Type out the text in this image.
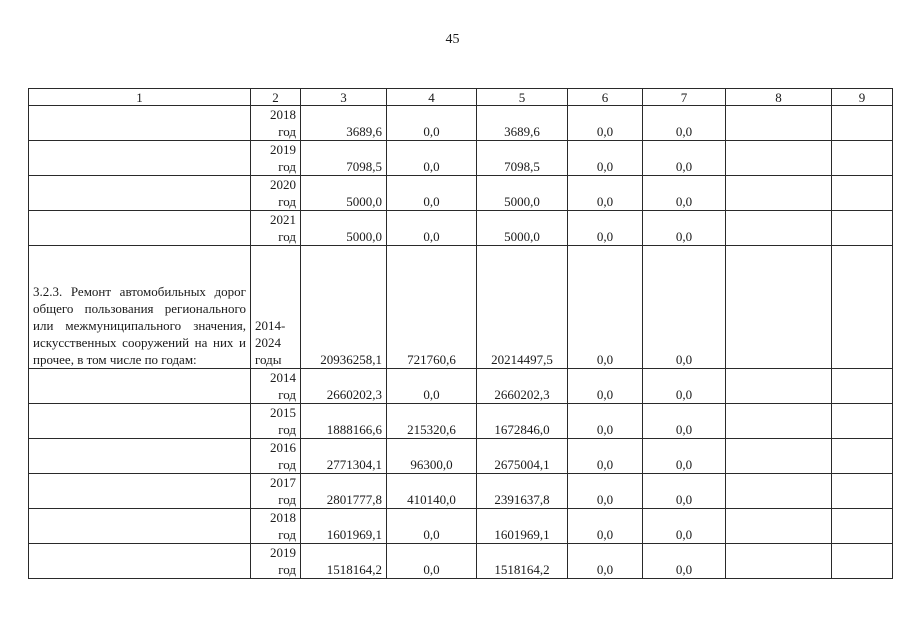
45
1	2	3	4	5	6	7	8	9

	2018
год	3689,6	0,0	3689,6	0,0	0,0		

	2019
год	7098,5	0,0	7098,5	0,0	0,0		

	2020
год	5000,0	0,0	5000,0	0,0	0,0		

	2021
год	5000,0	0,0	5000,0	0,0	0,0		
3.2.3. Ремонт автомобильных дорог общего пользования регионального или межмуниципального значения, искусственных сооружений на них и прочее, в том числе по годам:	2014-
2024
годы	20936258,1	721760,6	20214497,5	0,0	0,0		

	2014
год	2660202,3	0,0	2660202,3	0,0	0,0		

	2015
год	1888166,6	215320,6	1672846,0	0,0	0,0		

	2016
год	2771304,1	96300,0	2675004,1	0,0	0,0		

	2017
год	2801777,8	410140,0	2391637,8	0,0	0,0		

	2018
год	1601969,1	0,0	1601969,1	0,0	0,0		

	2019
год	1518164,2	0,0	1518164,2	0,0	0,0		
